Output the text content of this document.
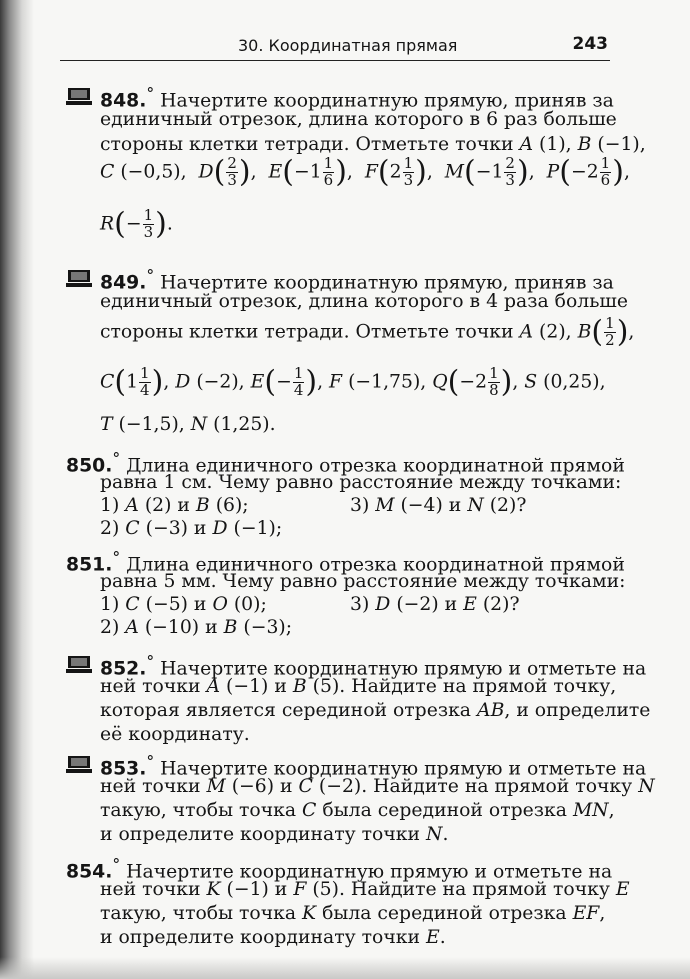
30. Координатная прямая	243
848.° Начертите координатную прямую, приняв за
единичный отрезок, длина которого в 6 раз больше
стороны клетки тетради. Отметьте точки A (1), B (−1),
C (−0,5), $D( \frac{2}{3}$ ), $E(-1 \frac{1}{6}$ ), $F(2 \frac{1}{3}$ ), $M(-1 \frac{2}{3}$ ), $P(-2 \frac{1}{6}$ ),
$R(- \frac{1}{3}$ ).
849.° Начертите координатную прямую, приняв за
единичный отрезок, длина которого в 4 раза больше
стороны клетки тетради. Отметьте точки A (2), $B( \frac{1}{2}$ ),
$C(1 \frac{1}{4}$ ), D (−2), $E(- \frac{1}{4}$ ), F (−1,75), $Q(-2 \frac{1}{8}$ ), S (0,25),
T (−1,5), N (1,25).
850.° Длина единичного отрезка координатной прямой
равна 1 см. Чему равно расстояние между точками:
1) A (2) и B (6);	3) M (−4) и N (2)?
2) C (−3) и D (−1);
851.° Длина единичного отрезка координатной прямой
равна 5 мм. Чему равно расстояние между точками:
1) C (−5) и O (0);	3) D (−2) и E (2)?
2) A (−10) и B (−3);
852.° Начертите координатную прямую и отметьте на
ней точки A (−1) и B (5). Найдите на прямой точку,
которая является серединой отрезка AB, и определите
её координату.
853.° Начертите координатную прямую и отметьте на
ней точки M (−6) и C (−2). Найдите на прямой точку N
такую, чтобы точка C была серединой отрезка MN,
и определите координату точки N.
854.° Начертите координатную прямую и отметьте на
ней точки K (−1) и F (5). Найдите на прямой точку E
такую, чтобы точка K была серединой отрезка EF,
и определите координату точки E.
